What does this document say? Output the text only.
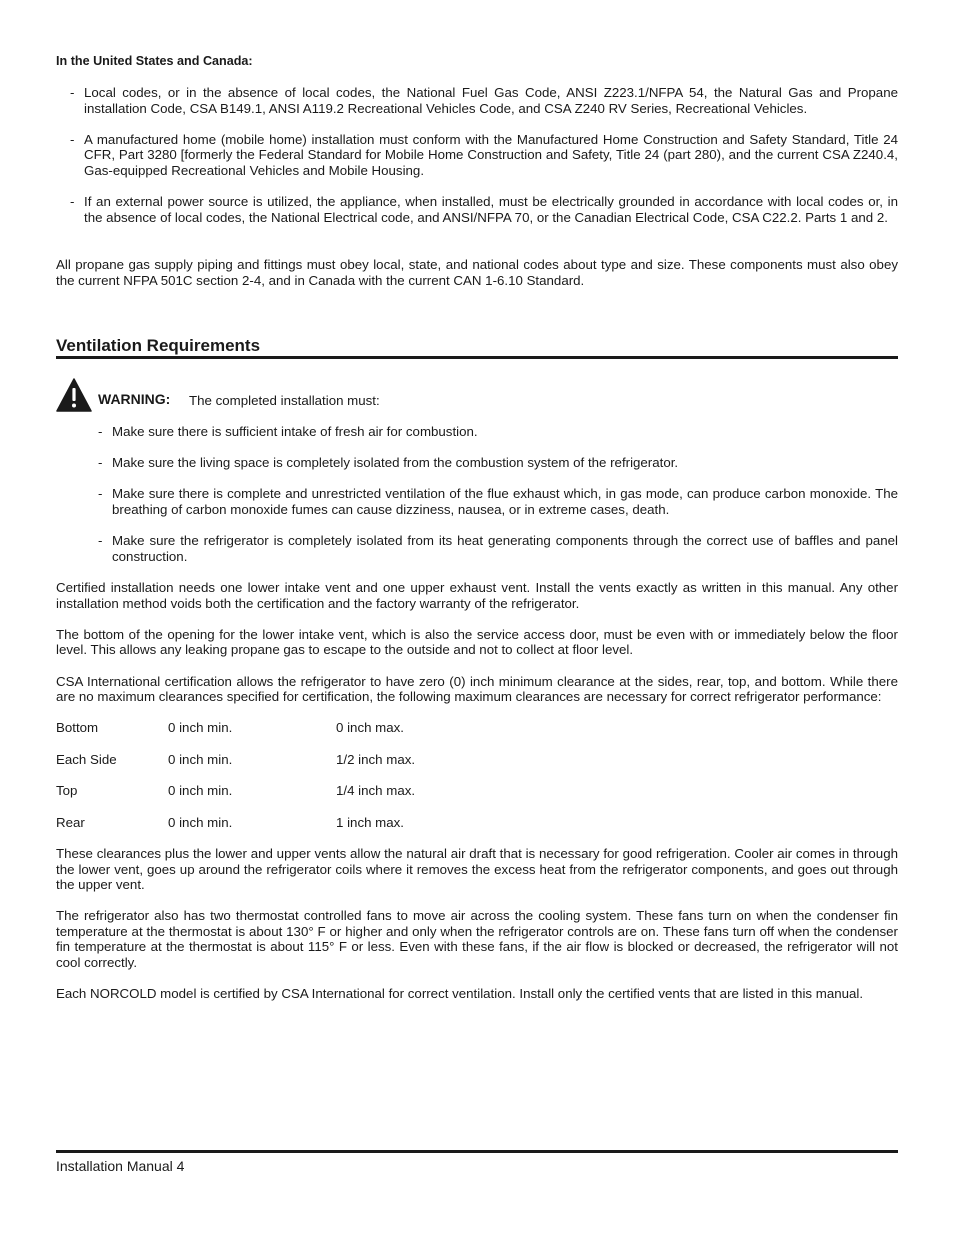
In the United States and Canada:
- Local codes, or in the absence of local codes, the National Fuel Gas Code, ANSI Z223.1/NFPA 54, the Natural Gas and Propane installation Code, CSA B149.1, ANSI A119.2 Recreational Vehicles Code, and CSA Z240 RV Series, Recreational Vehicles.

- A manufactured home (mobile home) installation must conform with the Manufactured Home Construction and Safety Standard, Title 24 CFR, Part 3280 [formerly the Federal Standard for Mobile Home Construction and Safety, Title 24 (part 280), and the current CSA Z240.4, Gas-equipped Recreational Vehicles and Mobile Housing.

- If an external power source is utilized, the appliance, when installed, must be electrically grounded in accordance with local codes or, in the absence of local codes, the National Electrical code, and ANSI/NFPA 70, or the Canadian Electrical Code, CSA C22.2. Parts 1 and 2.

All propane gas supply piping and fittings must obey local, state, and national codes about type and size. These components must also obey the current NFPA 501C section 2-4, and in Canada with the current CAN 1-6.10 Standard.

Ventilation Requirements
WARNING: The completed installation must:
- Make sure there is sufficient intake of fresh air for combustion.

- Make sure the living space is completely isolated from the combustion system of the refrigerator.

- Make sure there is complete and unrestricted ventilation of the flue exhaust which, in gas mode, can produce carbon monoxide. The breathing of carbon monoxide fumes can cause dizziness, nausea, or in extreme cases, death.

- Make sure the refrigerator is completely isolated from its heat generating components through the correct use of baffles and panel construction.

Certified installation needs one lower intake vent and one upper exhaust vent. Install the vents exactly as written in this manual. Any other installation method voids both the certification and the factory warranty of the refrigerator.

The bottom of the opening for the lower intake vent, which is also the service access door, must be even with or immediately below the floor level. This allows any leaking propane gas to escape to the outside and not to collect at floor level.

CSA International certification allows the refrigerator to have zero (0) inch minimum clearance at the sides, rear, top, and bottom. While there are no maximum clearances specified for certification, the following maximum clearances are necessary for correct refrigerator performance:

Bottom	0 inch min.	0 inch max.
Each Side	0 inch min.	1/2 inch max.
Top	0 inch min.	1/4 inch max.
Rear	0 inch min.	1 inch max.

These clearances plus the lower and upper vents allow the natural air draft that is necessary for good refrigeration. Cooler air comes in through the lower vent, goes up around the refrigerator coils where it removes the excess heat from the refrigerator components, and goes out through the upper vent.

The refrigerator also has two thermostat controlled fans to move air across the cooling system. These fans turn on when the condenser fin temperature at the thermostat is about 130° F or higher and only when the refrigerator controls are on. These fans turn off when the condenser fin temperature at the thermostat is about 115° F or less. Even with these fans, if the air flow is blocked or decreased, the refrigerator will not cool correctly.

Each NORCOLD model is certified by CSA International for correct ventilation. Install only the certified vents that are listed in this manual.

Installation Manual 4
